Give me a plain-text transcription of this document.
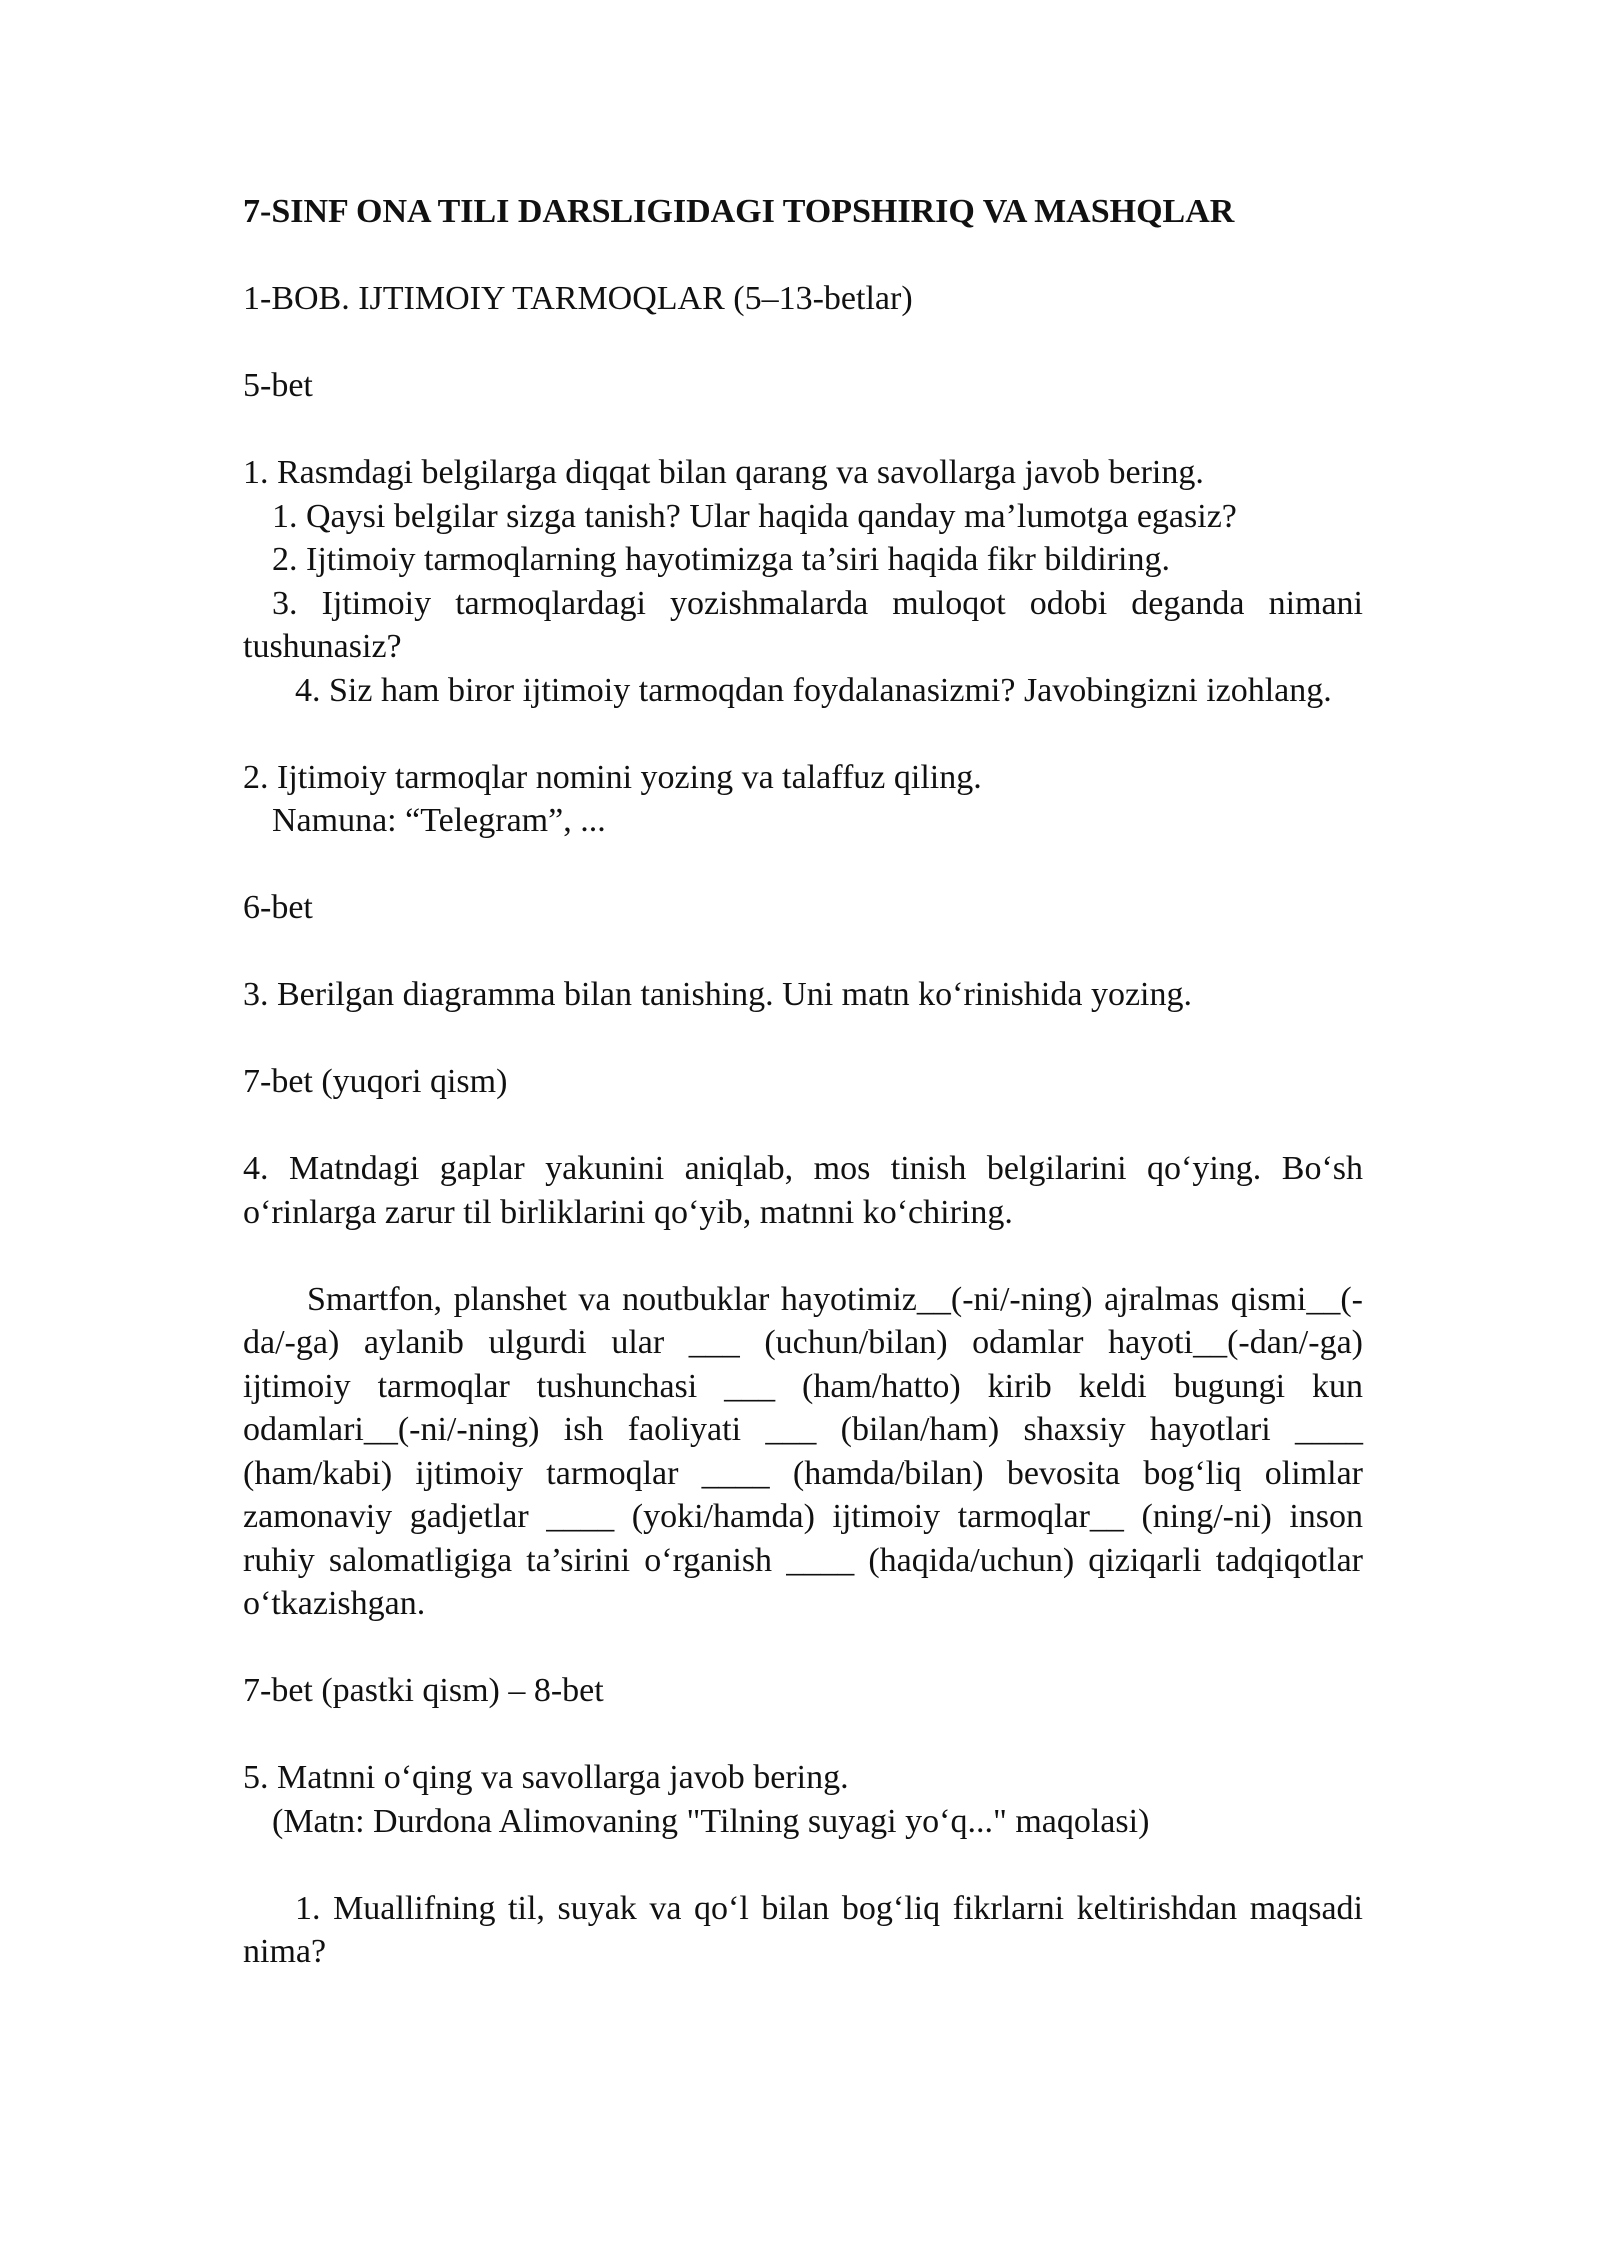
7-SINF ONA TILI DARSLIGIDAGI TOPSHIRIQ VA MASHQLAR
1-BOB. IJTIMOIY TARMOQLAR (5–13-betlar)
5-bet
1. Rasmdagi belgilarga diqqat bilan qarang va savollarga javob bering.
1. Qaysi belgilar sizga tanish? Ular haqida qanday ma’lumotga egasiz?
2. Ijtimoiy tarmoqlarning hayotimizga ta’siri haqida fikr bildiring.
3. Ijtimoiy tarmoqlardagi yozishmalarda muloqot odobi deganda nimani tushunasiz?
4. Siz ham biror ijtimoiy tarmoqdan foydalanasizmi? Javobingizni izohlang.
2. Ijtimoiy tarmoqlar nomini yozing va talaffuz qiling.
Namuna: “Telegram”, ...
6-bet
3. Berilgan diagramma bilan tanishing. Uni matn ko‘rinishida yozing.
7-bet (yuqori qism)
4. Matndagi gaplar yakunini aniqlab, mos tinish belgilarini qo‘ying. Bo‘sh o‘rinlarga zarur til birliklarini qo‘yib, matnni ko‘chiring.
Smartfon, planshet va noutbuklar hayotimiz__(-ni/-ning) ajralmas qismi__(-da/-ga) aylanib ulgurdi ular ___ (uchun/bilan) odamlar hayoti__(-dan/-ga) ijtimoiy tarmoqlar tushunchasi ___ (ham/hatto) kirib keldi bugungi kun odamlari__(-ni/-ning) ish faoliyati ___ (bilan/ham) shaxsiy hayotlari ____ (ham/kabi) ijtimoiy tarmoqlar ____ (hamda/bilan) bevosita bog‘liq olimlar zamonaviy gadjetlar ____ (yoki/hamda) ijtimoiy tarmoqlar__ (ning/-ni) inson ruhiy salomatligiga ta’sirini o‘rganish ____ (haqida/uchun) qiziqarli tadqiqotlar o‘tkazishgan.
7-bet (pastki qism) – 8-bet
5. Matnni o‘qing va savollarga javob bering.
(Matn: Durdona Alimovaning "Tilning suyagi yo‘q..." maqolasi)
1. Muallifning til, suyak va qo‘l bilan bog‘liq fikrlarni keltirishdan maqsadi nima?
